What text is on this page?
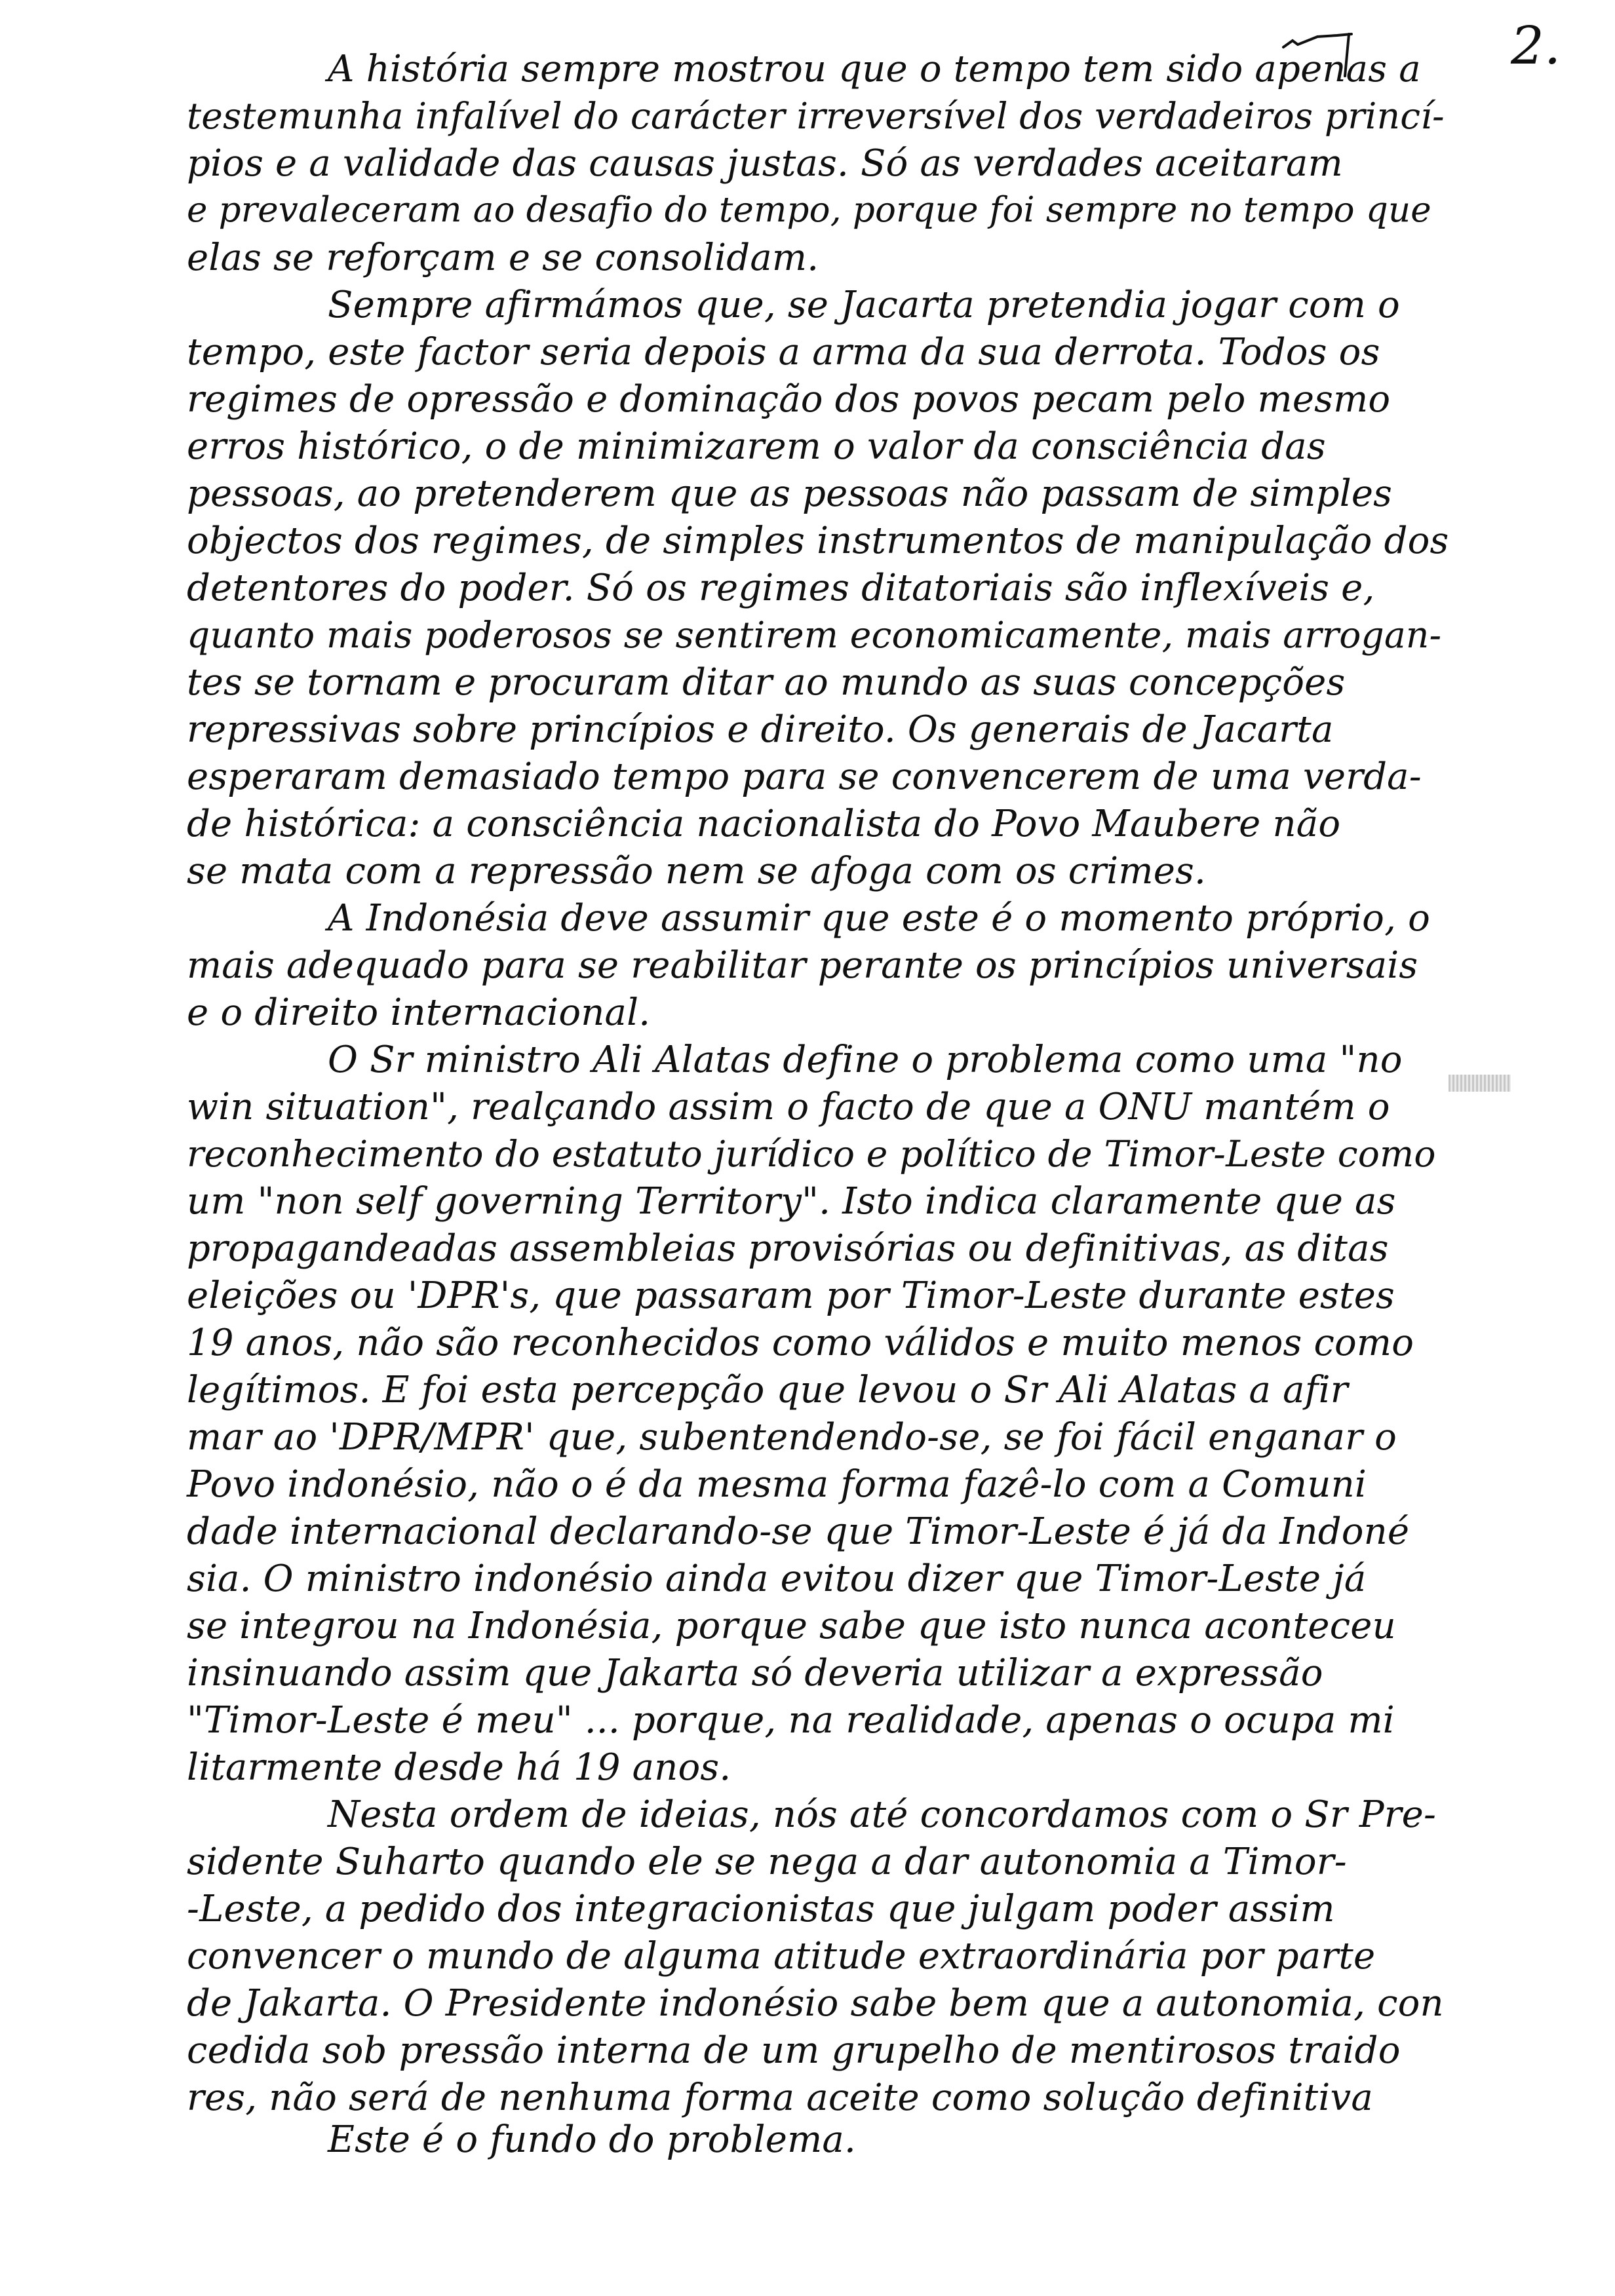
2.
A história sempre mostrou que o tempo tem sido apenas a
testemunha infalível do carácter irreversível dos verdadeiros princí-
pios e a validade das causas justas. Só as verdades aceitaram
e prevaleceram ao desafio do tempo, porque foi sempre no tempo que
elas se reforçam e se consolidam.
Sempre afirmámos que, se Jacarta pretendia jogar com o
tempo, este factor seria depois a arma da sua derrota. Todos os
regimes de opressão e dominação dos povos pecam pelo mesmo
erros histórico, o de minimizarem o valor da consciência das
pessoas, ao pretenderem que as pessoas não passam de simples
objectos dos regimes, de simples instrumentos de manipulação dos
detentores do poder. Só os regimes ditatoriais são inflexíveis e,
quanto mais poderosos se sentirem economicamente, mais arrogan-
tes se tornam e procuram ditar ao mundo as suas concepções
repressivas sobre princípios e direito. Os generais de Jacarta
esperaram demasiado tempo para se convencerem de uma verda-
de histórica: a consciência nacionalista do Povo Maubere não
se mata com a repressão nem se afoga com os crimes.
A Indonésia deve assumir que este é o momento próprio, o
mais adequado para se reabilitar perante os princípios universais
e o direito internacional.
O Sr ministro Ali Alatas define o problema como uma "no
win situation", realçando assim o facto de que a ONU mantém o
reconhecimento do estatuto jurídico e político de Timor-Leste como
um "non self governing Territory". Isto indica claramente que as
propagandeadas assembleias provisórias ou definitivas, as ditas
eleições ou 'DPR's, que passaram por Timor-Leste durante estes
19 anos, não são reconhecidos como válidos e muito menos como
legítimos. E foi esta percepção que levou o Sr Ali Alatas a afir
mar ao 'DPR/MPR' que, subentendendo-se, se foi fácil enganar o
Povo indonésio, não o é da mesma forma fazê-lo com a Comuni
dade internacional declarando-se que Timor-Leste é já da Indoné
sia. O ministro indonésio ainda evitou dizer que Timor-Leste já
se integrou na Indonésia, porque sabe que isto nunca aconteceu
insinuando assim que Jakarta só deveria utilizar a expressão
"Timor-Leste é meu" ... porque, na realidade, apenas o ocupa mi
litarmente desde há 19 anos.
Nesta ordem de ideias, nós até concordamos com o Sr Pre-
sidente Suharto quando ele se nega a dar autonomia a Timor-
-Leste, a pedido dos integracionistas que julgam poder assim
convencer o mundo de alguma atitude extraordinária por parte
de Jakarta. O Presidente indonésio sabe bem que a autonomia, con
cedida sob pressão interna de um grupelho de mentirosos traido
res, não será de nenhuma forma aceite como solução definitiva
Este é o fundo do problema.
